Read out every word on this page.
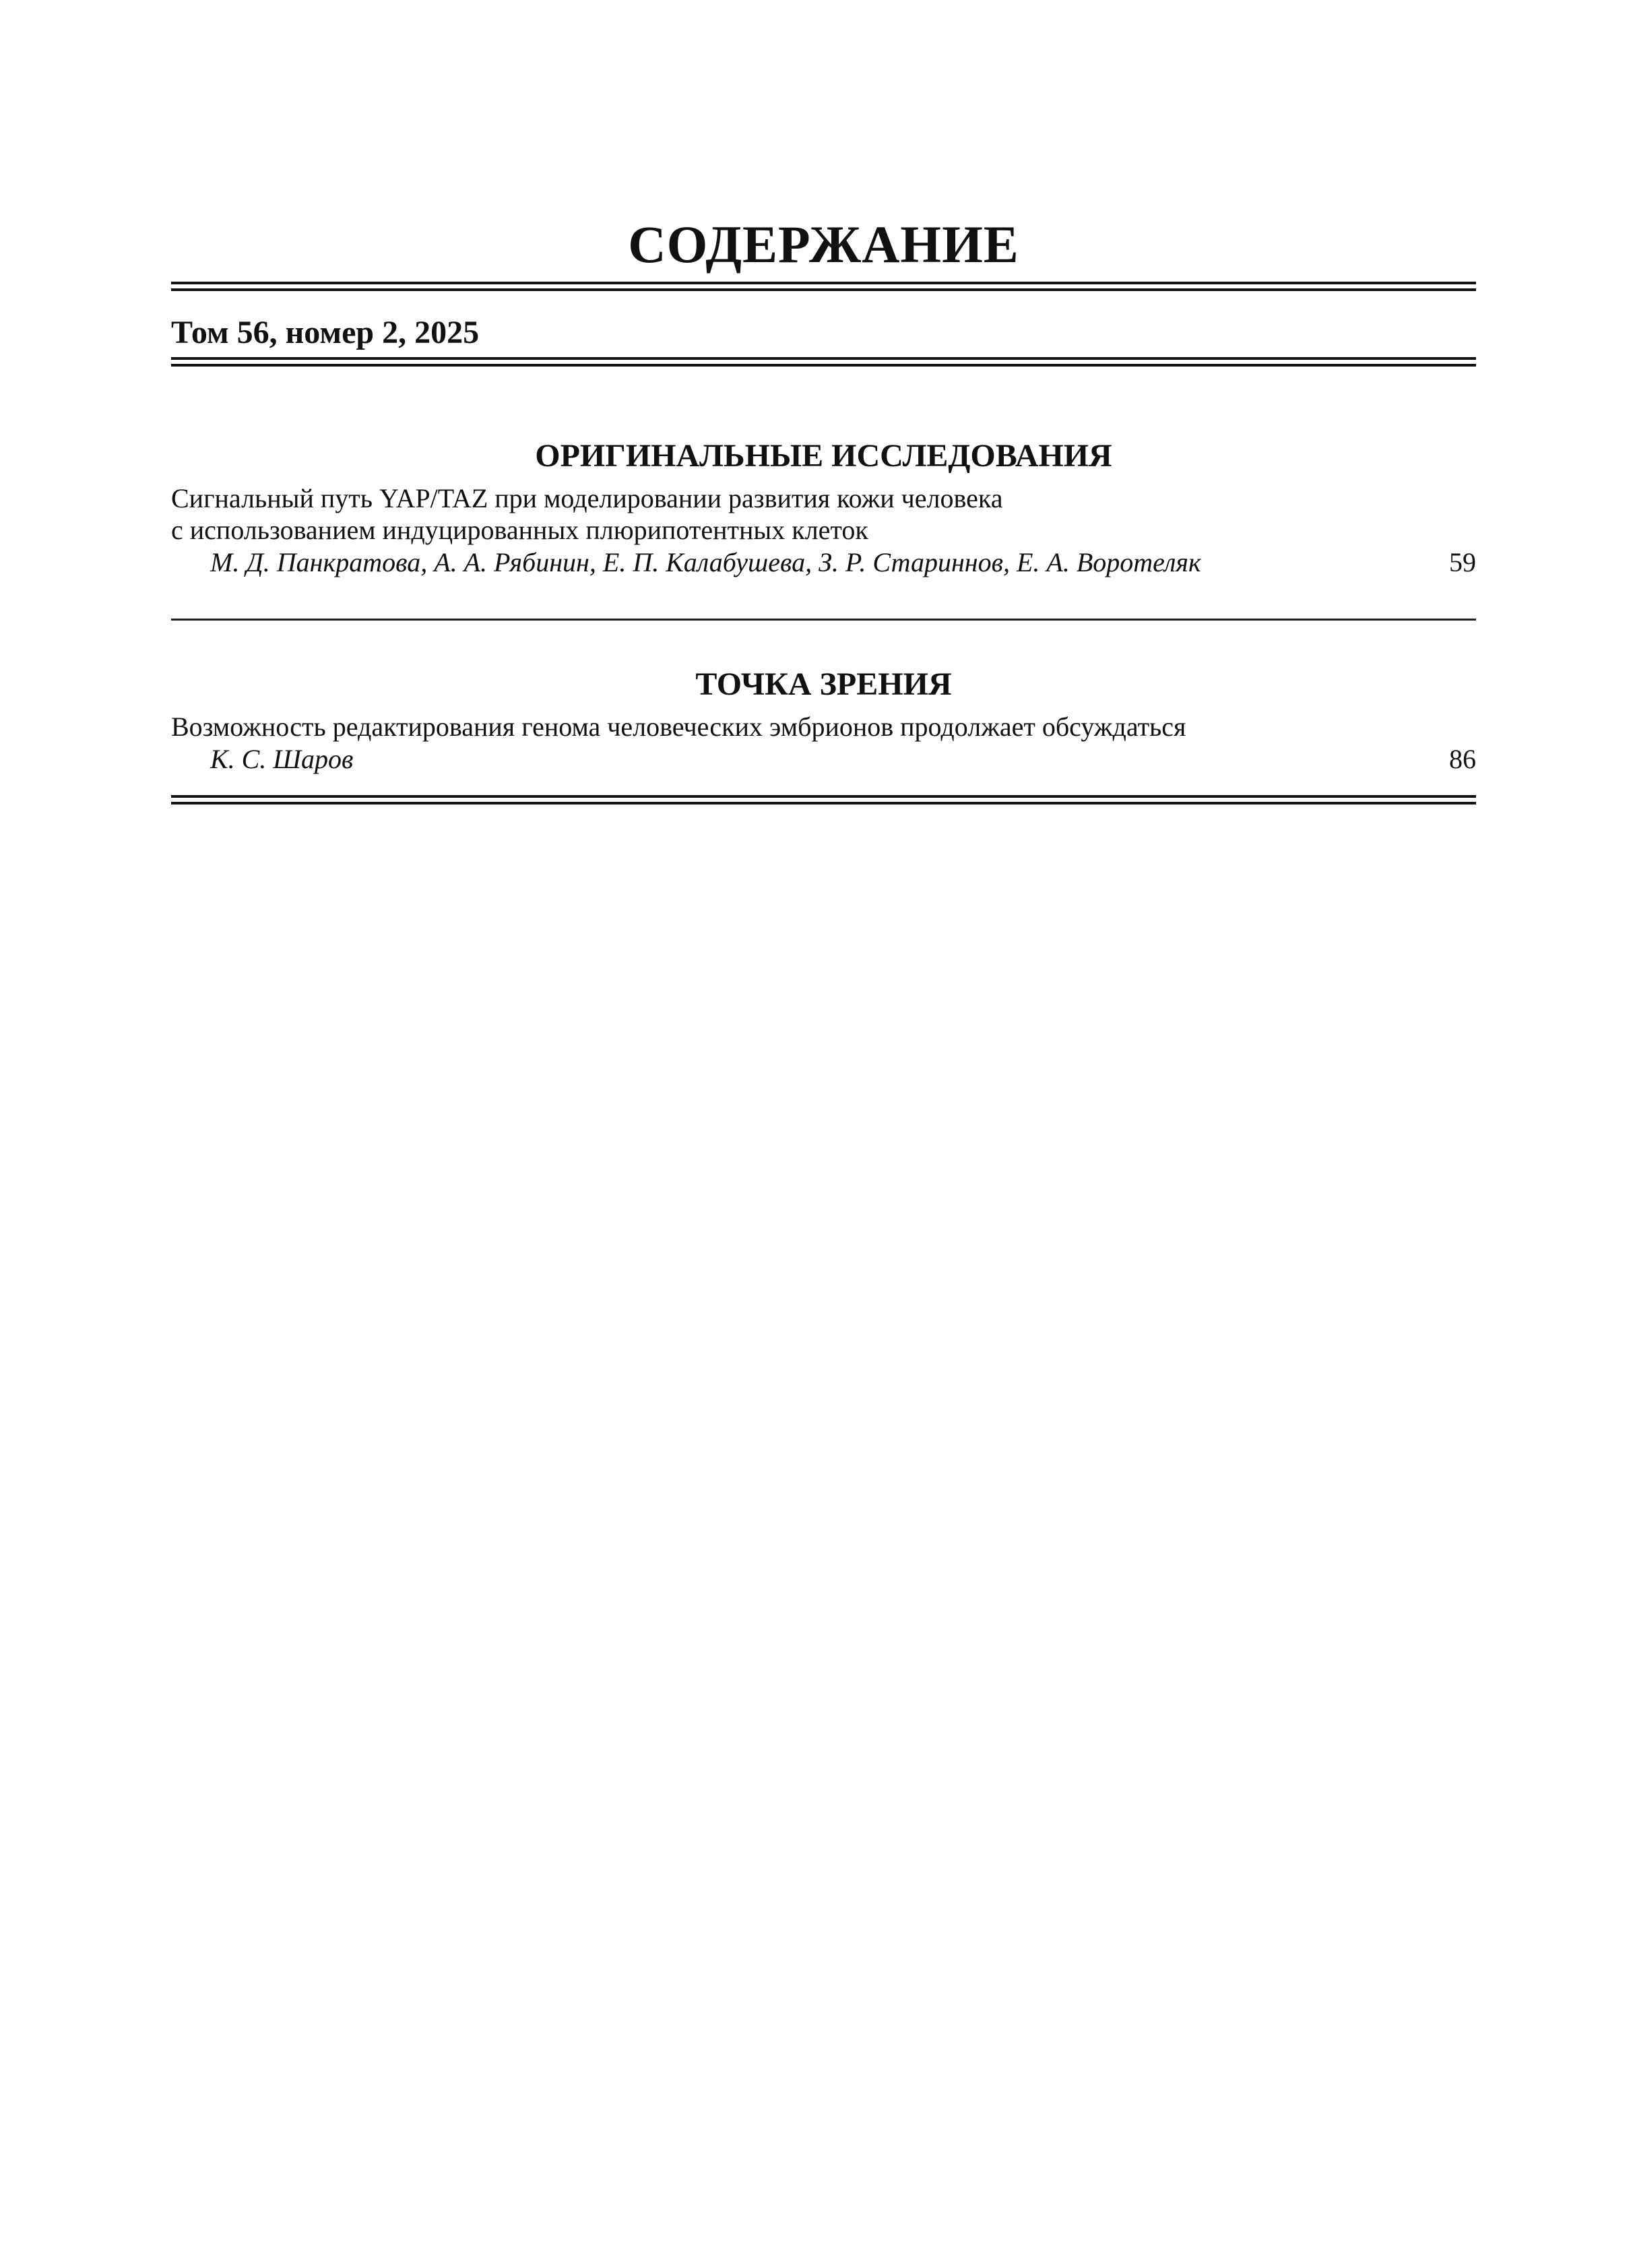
СОДЕРЖАНИЕ
Том 56, номер 2, 2025
ОРИГИНАЛЬНЫЕ ИССЛЕДОВАНИЯ
Сигнальный путь YAP/TAZ при моделировании развития кожи человека
с использованием индуцированных плюрипотентных клеток
М. Д. Панкратова, А. А. Рябинин, Е. П. Калабушева, З. Р. Стариннов, Е. А. Воротеляк	59
ТОЧКА ЗРЕНИЯ
Возможность редактирования генома человеческих эмбрионов продолжает обсуждаться
К. С. Шаров	86
